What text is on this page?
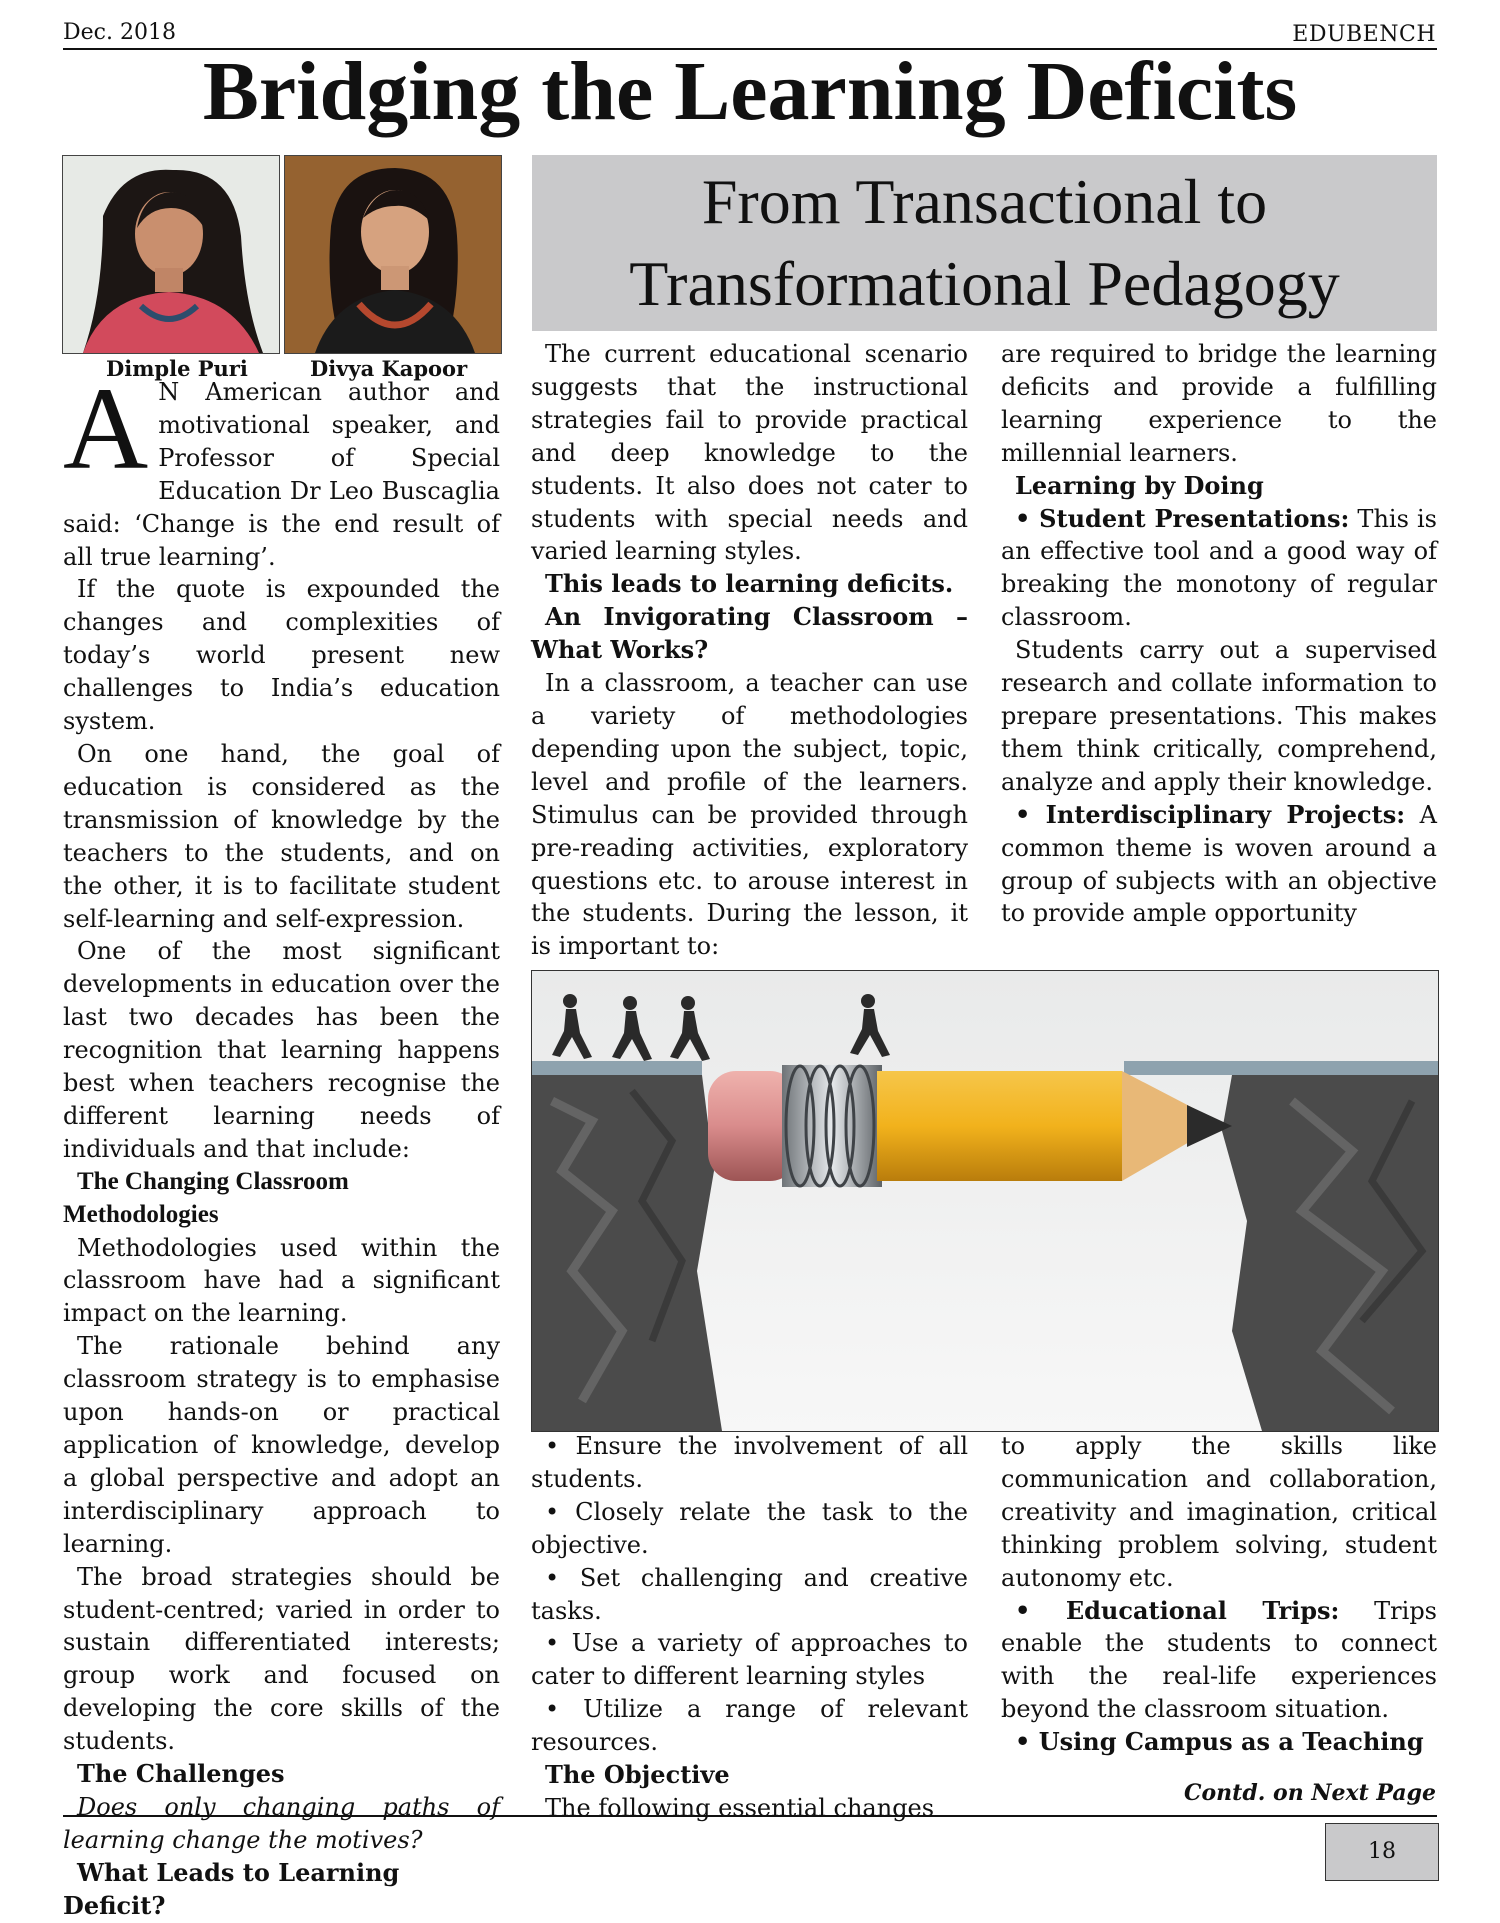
Dec. 2018	EDUBENCH
Bridging the Learning Deficits
Dimple Puri	Divya Kapoor
From Transactional to
Transformational Pedagogy

A N American author and motivational speaker, and Professor of Special Education Dr Leo Buscaglia said: ‘Change is the end result of all true learning’.

If the quote is expounded the changes and complexities of today’s world present new challenges to India’s education system.

On one hand, the goal of education is considered as the transmission of knowledge by the teachers to the students, and on the other, it is to facilitate student self-learning and self-expression.

One of the most significant developments in education over the last two decades has been the recognition that learning happens best when teachers recognise the different learning needs of individuals and that include:

The Changing Classroom Methodologies

Methodologies used within the classroom have had a significant impact on the learning.

The rationale behind any classroom strategy is to emphasise upon hands-on or practical application of knowledge, develop a global perspective and adopt an interdisciplinary approach to learning.

The broad strategies should be student-centred; varied in order to sustain differentiated interests; group work and focused on developing the core skills of the students.

The Challenges

Does only changing paths of learning change the motives?

What Leads to Learning Deficit?

The current educational scenario suggests that the instructional strategies fail to provide practical and deep knowledge to the students. It also does not cater to students with special needs and varied learning styles.

This leads to learning deficits.

An Invigorating Classroom – What Works?

In a classroom, a teacher can use a variety of methodologies depending upon the subject, topic, level and profile of the learners. Stimulus can be provided through pre-reading activities, exploratory questions etc. to arouse interest in the students. During the lesson, it is important to:

are required to bridge the learning deficits and provide a fulfilling learning experience to the millennial learners.

Learning by Doing

• Student Presentations: This is an effective tool and a good way of breaking the monotony of regular classroom.

Students carry out a supervised research and collate information to prepare presentations. This makes them think critically, comprehend, analyze and apply their knowledge.

• Interdisciplinary Projects: A common theme is woven around a group of subjects with an objective to provide ample opportunity

• Ensure the involvement of all students.

• Closely relate the task to the objective.

• Set challenging and creative tasks.

• Use a variety of approaches to cater to different learning styles

• Utilize a range of relevant resources.

The Objective

The following essential changes

to apply the skills like communication and collaboration, creativity and imagination, critical thinking problem solving, student autonomy etc.

• Educational Trips: Trips enable the students to connect with the real-life experiences beyond the classroom situation.

• Using Campus as a Teaching

Contd. on Next Page
18
